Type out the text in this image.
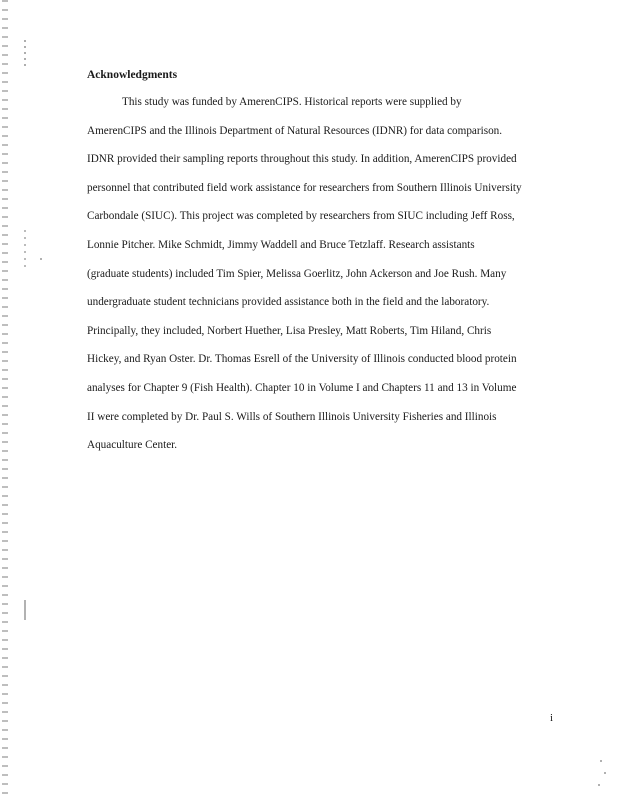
Acknowledgments
This study was funded by AmerenCIPS. Historical reports were supplied by
AmerenCIPS and the Illinois Department of Natural Resources (IDNR) for data comparison.
IDNR provided their sampling reports throughout this study. In addition, AmerenCIPS provided
personnel that contributed field work assistance for researchers from Southern Illinois University
Carbondale (SIUC). This project was completed by researchers from SIUC including Jeff Ross,
Lonnie Pitcher. Mike Schmidt, Jimmy Waddell and Bruce Tetzlaff. Research assistants
(graduate students) included Tim Spier, Melissa Goerlitz, John Ackerson and Joe Rush. Many
undergraduate student technicians provided assistance both in the field and the laboratory.
Principally, they included, Norbert Huether, Lisa Presley, Matt Roberts, Tim Hiland, Chris
Hickey, and Ryan Oster. Dr. Thomas Esrell of the University of Illinois conducted blood protein
analyses for Chapter 9 (Fish Health). Chapter 10 in Volume I and Chapters 11 and 13 in Volume
II were completed by Dr. Paul S. Wills of Southern Illinois University Fisheries and Illinois
Aquaculture Center.
i
